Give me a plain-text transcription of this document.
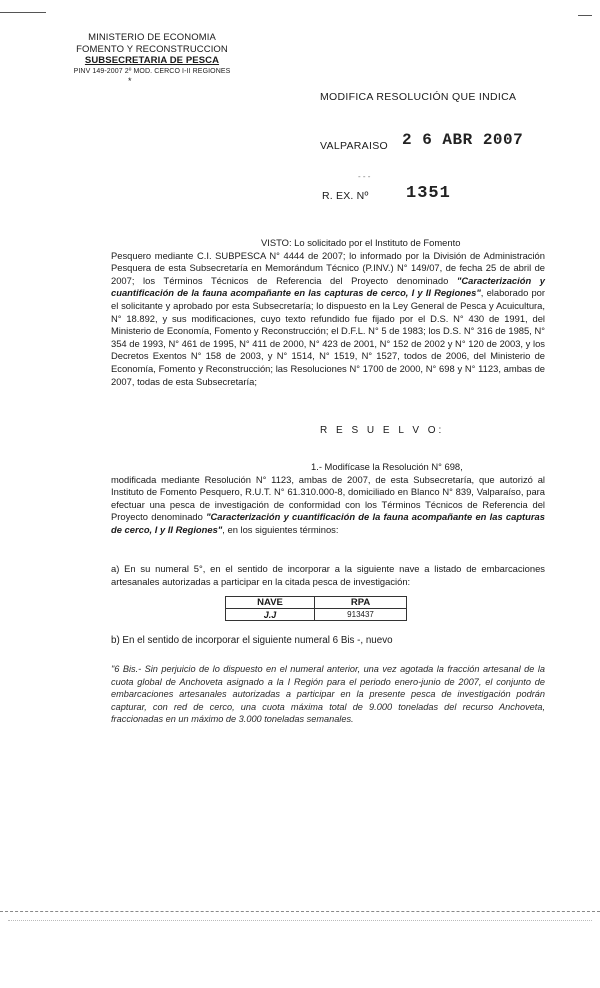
MINISTERIO DE ECONOMIA
FOMENTO Y RECONSTRUCCION
SUBSECRETARIA DE PESCA
PINV 149-2007 2º MOD. CERCO I-II REGIONES
*
MODIFICA RESOLUCIÓN QUE INDICA
VALPARAISO 2 6 ABR 2007
- - -
R. EX. Nº 1351
VISTO: Lo solicitado por el Instituto de Fomento
Pesquero mediante C.I. SUBPESCA N° 4444 de 2007; lo informado por la División de Administración Pesquera de esta Subsecretaría en Memorándum Técnico (P.INV.) N° 149/07, de fecha 25 de abril de 2007; los Términos Técnicos de Referencia del Proyecto denominado "Caracterización y cuantificación de la fauna acompañante en las capturas de cerco, I y II Regiones", elaborado por el solicitante y aprobado por esta Subsecretaría; lo dispuesto en la Ley General de Pesca y Acuicultura, N° 18.892, y sus modificaciones, cuyo texto refundido fue fijado por el D.S. N° 430 de 1991, del Ministerio de Economía, Fomento y Reconstrucción; el D.F.L. N° 5 de 1983; los D.S. N° 316 de 1985, N° 354 de 1993, N° 461 de 1995, N° 411 de 2000, N° 423 de 2001, N° 152 de 2002 y N° 120 de 2003, y los Decretos Exentos N° 158 de 2003, y N° 1514, N° 1519, N° 1527, todos de 2006, del Ministerio de Economía, Fomento y Reconstrucción; las Resoluciones N° 1700 de 2000, N° 698 y N° 1123, ambas de 2007, todas de esta Subsecretaría;
R E S U E L V O:
1.- Modifícase la Resolución N° 698,
modificada mediante Resolución N° 1123, ambas de 2007, de esta Subsecretaría, que autorizó al Instituto de Fomento Pesquero, R.U.T. N° 61.310.000-8, domiciliado en Blanco N° 839, Valparaíso, para efectuar una pesca de investigación de conformidad con los Términos Técnicos de Referencia del Proyecto denominado "Caracterización y cuantificación de la fauna acompañante en las capturas de cerco, I y II Regiones", en los siguientes términos:
a) En su numeral 5°, en el sentido de incorporar a la siguiente nave a listado de embarcaciones artesanales autorizadas a participar en la citada pesca de investigación:
NAVE	RPA
J.J	913437
b) En el sentido de incorporar el siguiente numeral 6 Bis -, nuevo
"6 Bis.- Sin perjuicio de lo dispuesto en el numeral anterior, una vez agotada la fracción artesanal de la cuota global de Anchoveta asignado a la I Región para el periodo enero-junio de 2007, el conjunto de embarcaciones artesanales autorizadas a participar en la presente pesca de investigación podrán capturar, con red de cerco, una cuota máxima total de 9.000 toneladas del recurso Anchoveta, fraccionadas en un máximo de 3.000 toneladas semanales.
